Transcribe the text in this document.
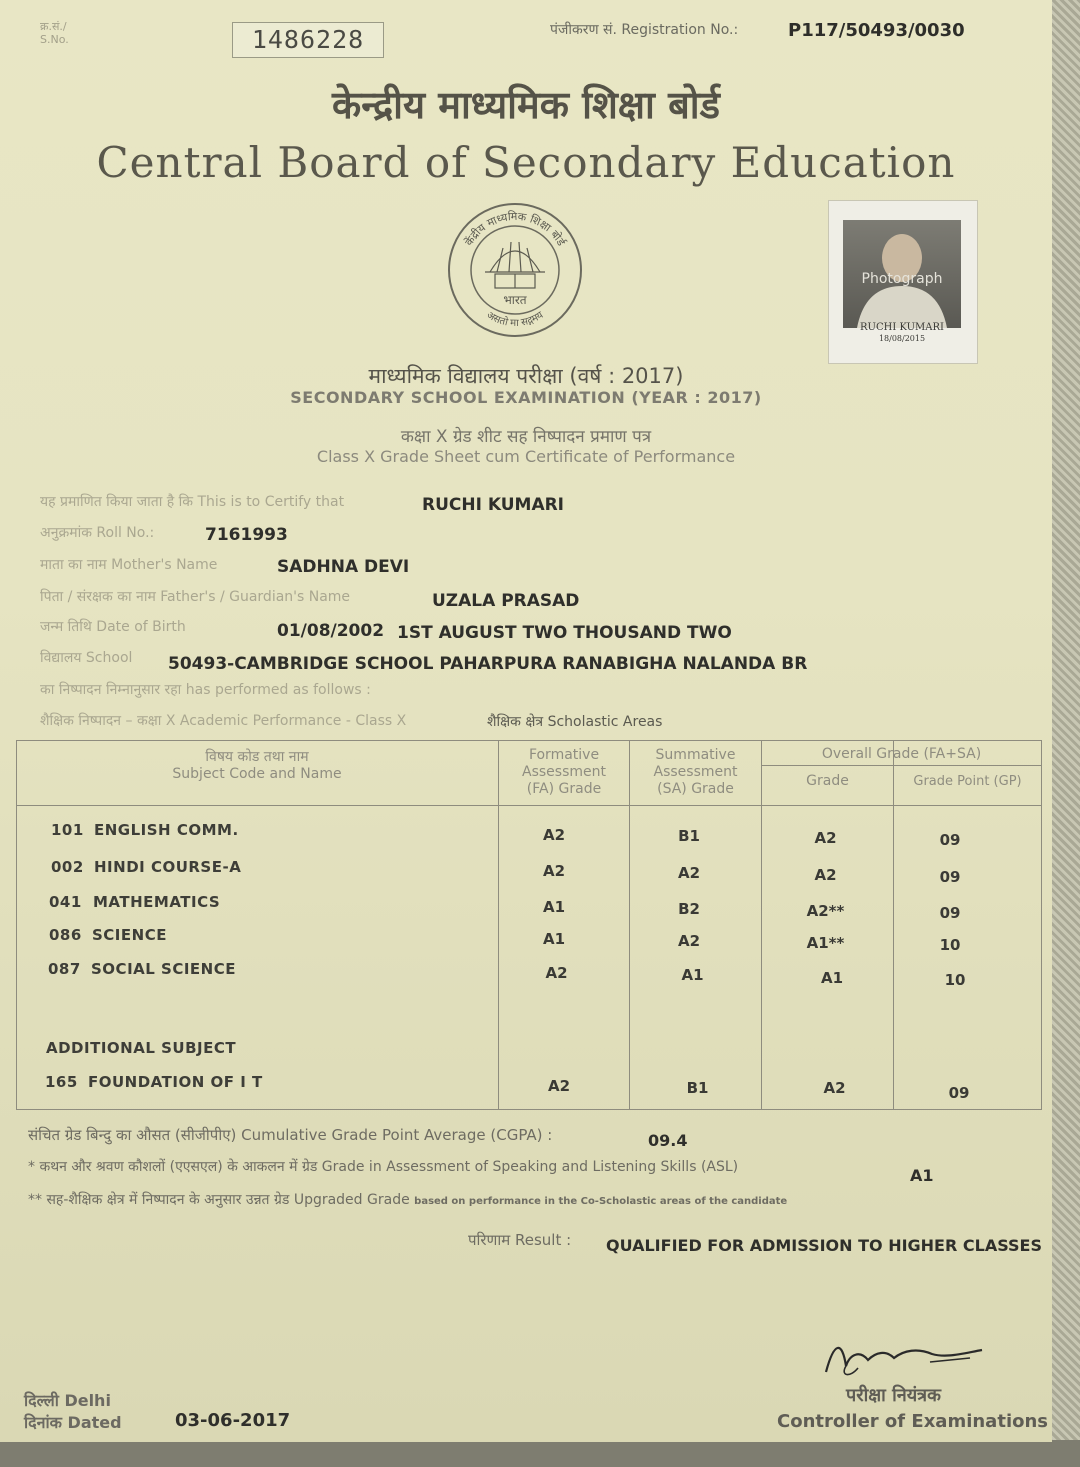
क्र.सं./
S.No.	1486228	पंजीकरण सं. Registration No.:	P117/50493/0030
केन्द्रीय माध्यमिक शिक्षा बोर्ड
Central Board of Secondary Education
केंद्रीय माध्यमिक शिक्षा बोर्ड
असतो मा सद्गमय
भारत
Photograph
RUCHI KUMARI
18/08/2015
माध्यमिक विद्यालय परीक्षा (वर्ष : 2017)
SECONDARY SCHOOL EXAMINATION (YEAR : 2017)
कक्षा X ग्रेड शीट सह निष्पादन प्रमाण पत्र
Class X Grade Sheet cum Certificate of Performance
यह प्रमाणित किया जाता है कि This is to Certify that	RUCHI KUMARI
अनुक्रमांक Roll No.:	7161993
माता का नाम Mother's Name	SADHNA DEVI
पिता / संरक्षक का नाम Father's / Guardian's Name	UZALA PRASAD
जन्म तिथि Date of Birth	01/08/2002 1ST AUGUST TWO THOUSAND TWO
विद्यालय School 50493-CAMBRIDGE SCHOOL PAHARPURA RANABIGHA NALANDA BR
का निष्पादन निम्नानुसार रहा has performed as follows :
शैक्षिक निष्पादन – कक्षा X Academic Performance - Class X	शैक्षिक क्षेत्र Scholastic Areas
विषय कोड तथा नाम
Subject Code and Name
Formative
Assessment
(FA) Grade
Summative
Assessment
(SA) Grade
Overall Grade (FA+SA)
Grade	Grade Point (GP)
101 ENGLISH COMM.	A2	B1	A2	09
002 HINDI COURSE-A	A2	A2	A2	09
041 MATHEMATICS	A1	B2	A2**	09
086 SCIENCE	A1	A2	A1**	10
087 SOCIAL SCIENCE	A2	A1	A1	10
ADDITIONAL SUBJECT
165 FOUNDATION OF I T	A2	B1	A2	09
संचित ग्रेड बिन्दु का औसत (सीजीपीए) Cumulative Grade Point Average (CGPA) :	09.4
* कथन और श्रवण कौशलों (एएसएल) के आकलन में ग्रेड Grade in Assessment of Speaking and Listening Skills (ASL)	A1
** सह-शैक्षिक क्षेत्र में निष्पादन के अनुसार उन्नत ग्रेड Upgraded Grade based on performance in the Co-Scholastic areas of the candidate
परिणाम Result : QUALIFIED FOR ADMISSION TO HIGHER CLASSES
दिल्ली Delhi
दिनांक Dated	03-06-2017
परीक्षा नियंत्रक
Controller of Examinations
